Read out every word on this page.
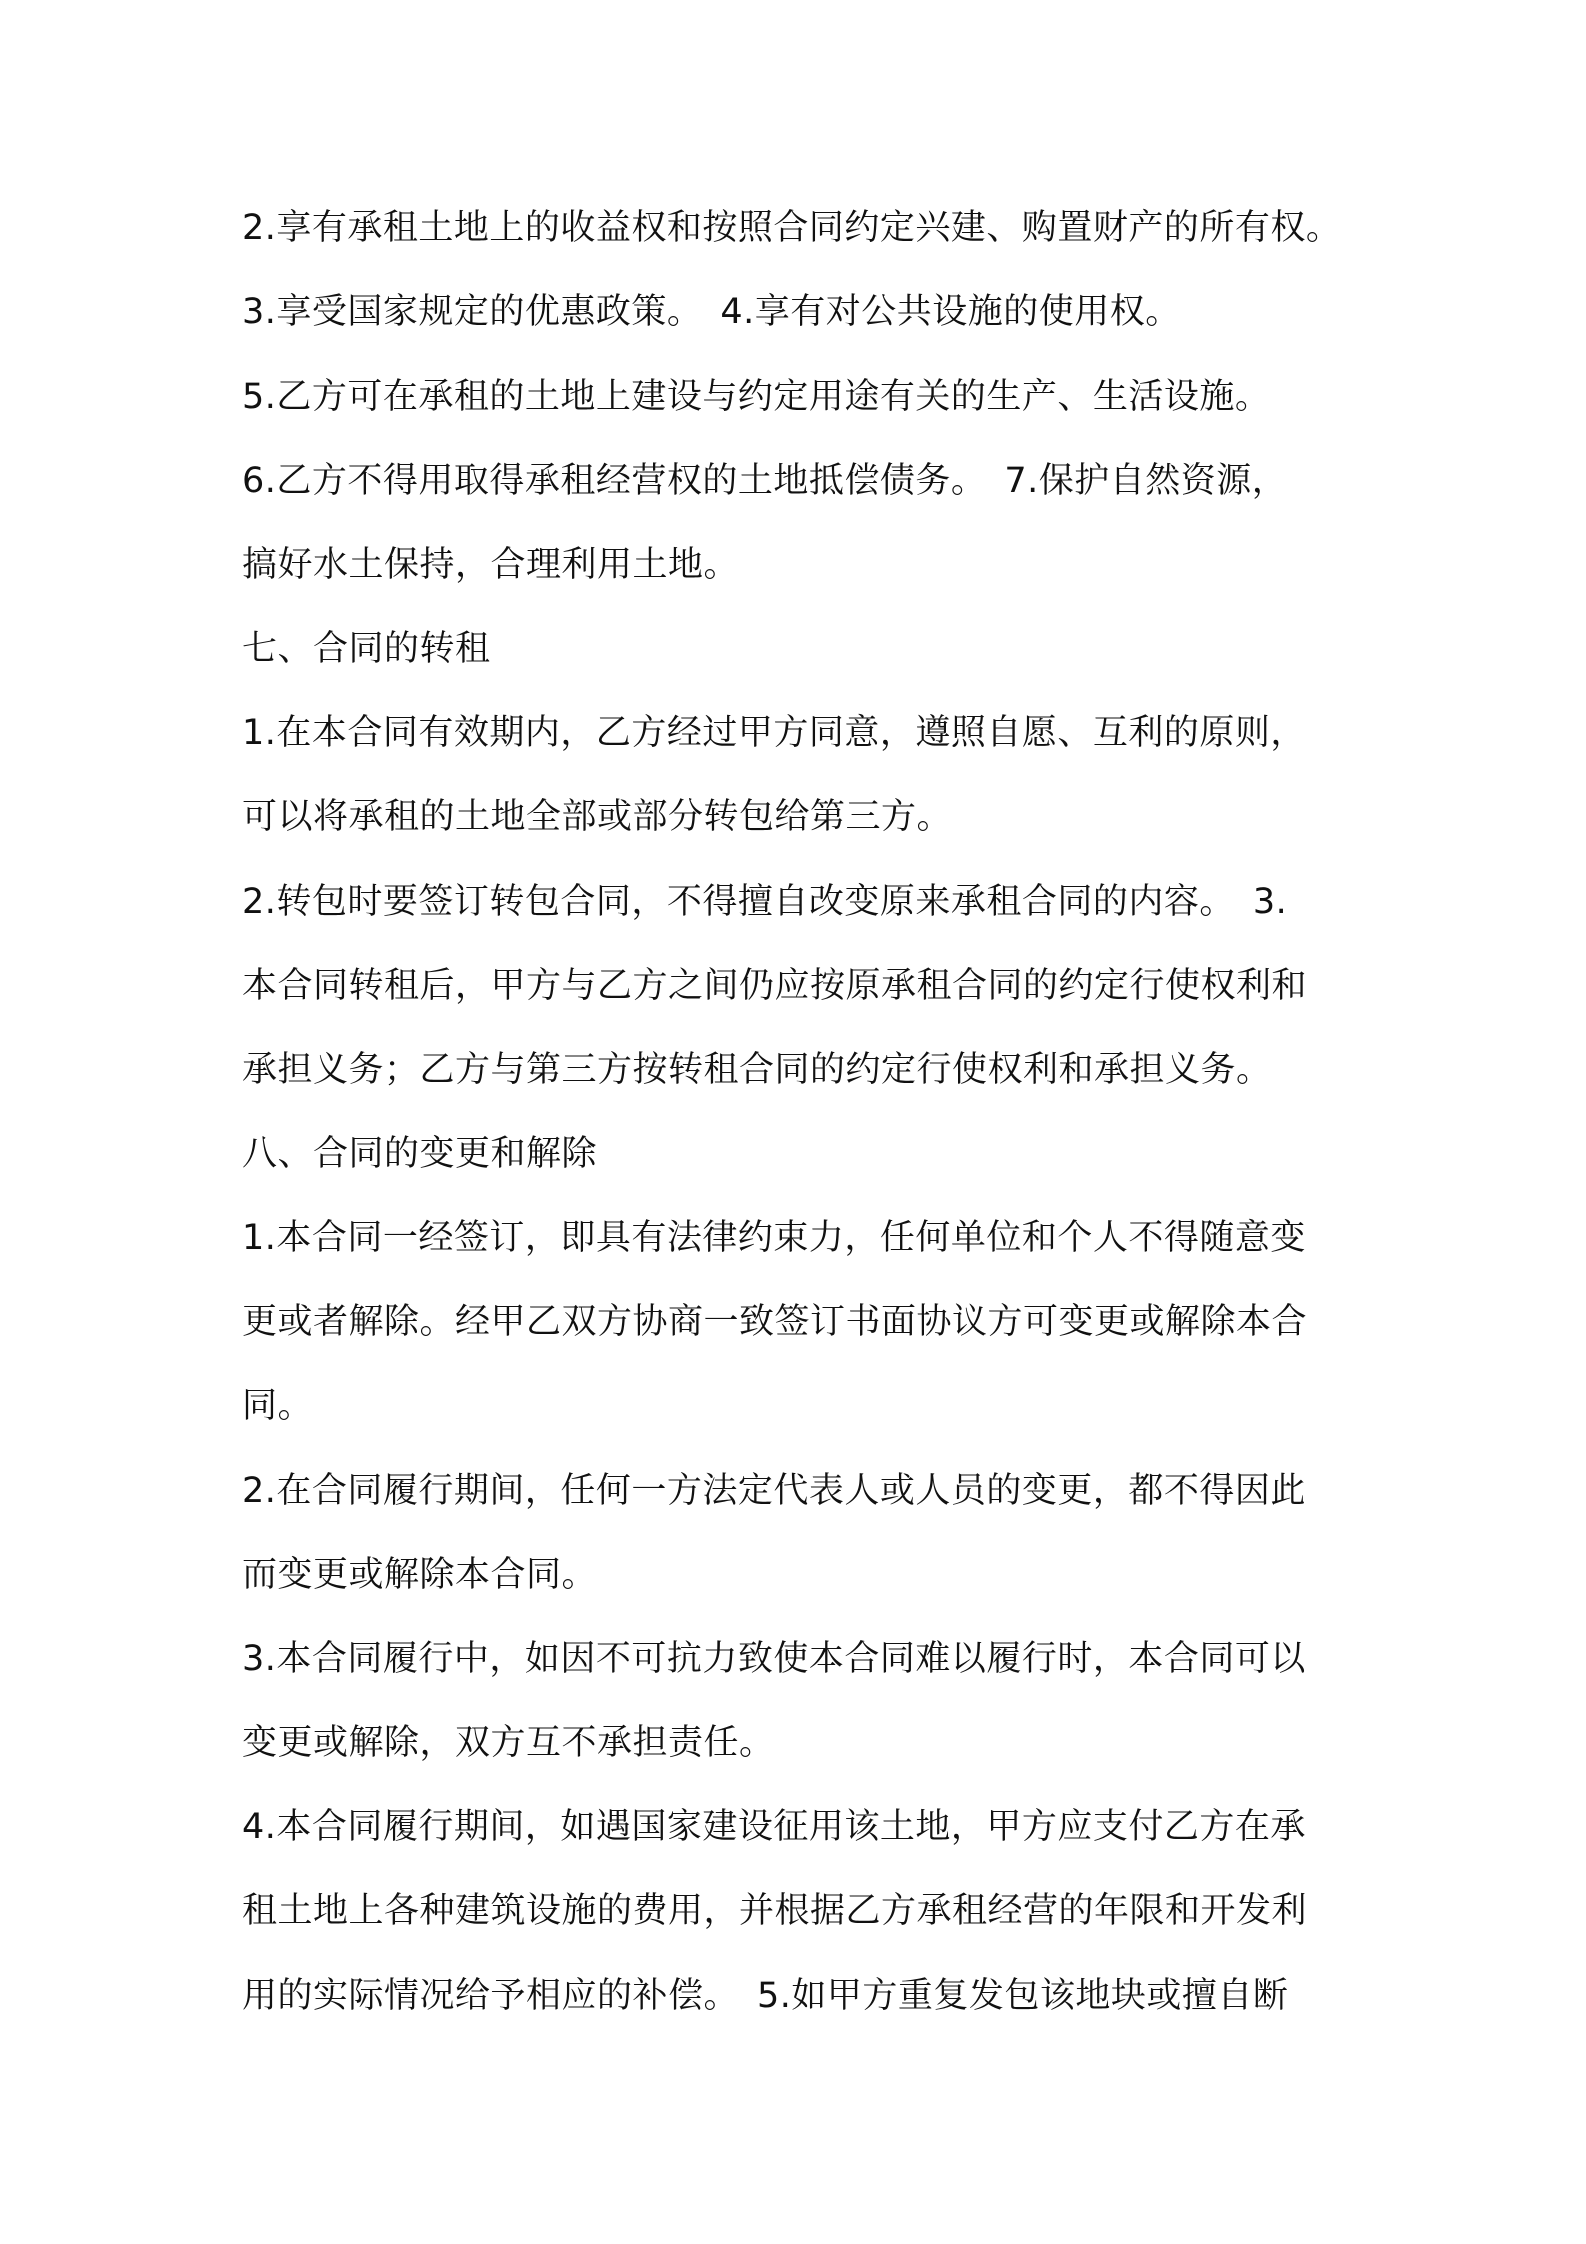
2.享有承租土地上的收益权和按照合同约定兴建、购置财产的所有权。
3.享受国家规定的优惠政策。　4.享有对公共设施的使用权。
5.乙方可在承租的土地上建设与约定用途有关的生产、生活设施。
6.乙方不得用取得承租经营权的土地抵偿债务。　7.保护自然资源，
搞好水土保持，合理利用土地。
七、合同的转租
1.在本合同有效期内，乙方经过甲方同意，遵照自愿、互利的原则，
可以将承租的土地全部或部分转包给第三方。
2.转包时要签订转包合同，不得擅自改变原来承租合同的内容。　3.
本合同转租后，甲方与乙方之间仍应按原承租合同的约定行使权利和
承担义务；乙方与第三方按转租合同的约定行使权利和承担义务。
八、合同的变更和解除
1.本合同一经签订，即具有法律约束力，任何单位和个人不得随意变
更或者解除。经甲乙双方协商一致签订书面协议方可变更或解除本合
同。
2.在合同履行期间，任何一方法定代表人或人员的变更，都不得因此
而变更或解除本合同。
3.本合同履行中，如因不可抗力致使本合同难以履行时，本合同可以
变更或解除，双方互不承担责任。
4.本合同履行期间，如遇国家建设征用该土地，甲方应支付乙方在承
租土地上各种建筑设施的费用，并根据乙方承租经营的年限和开发利
用的实际情况给予相应的补偿。　5.如甲方重复发包该地块或擅自断
